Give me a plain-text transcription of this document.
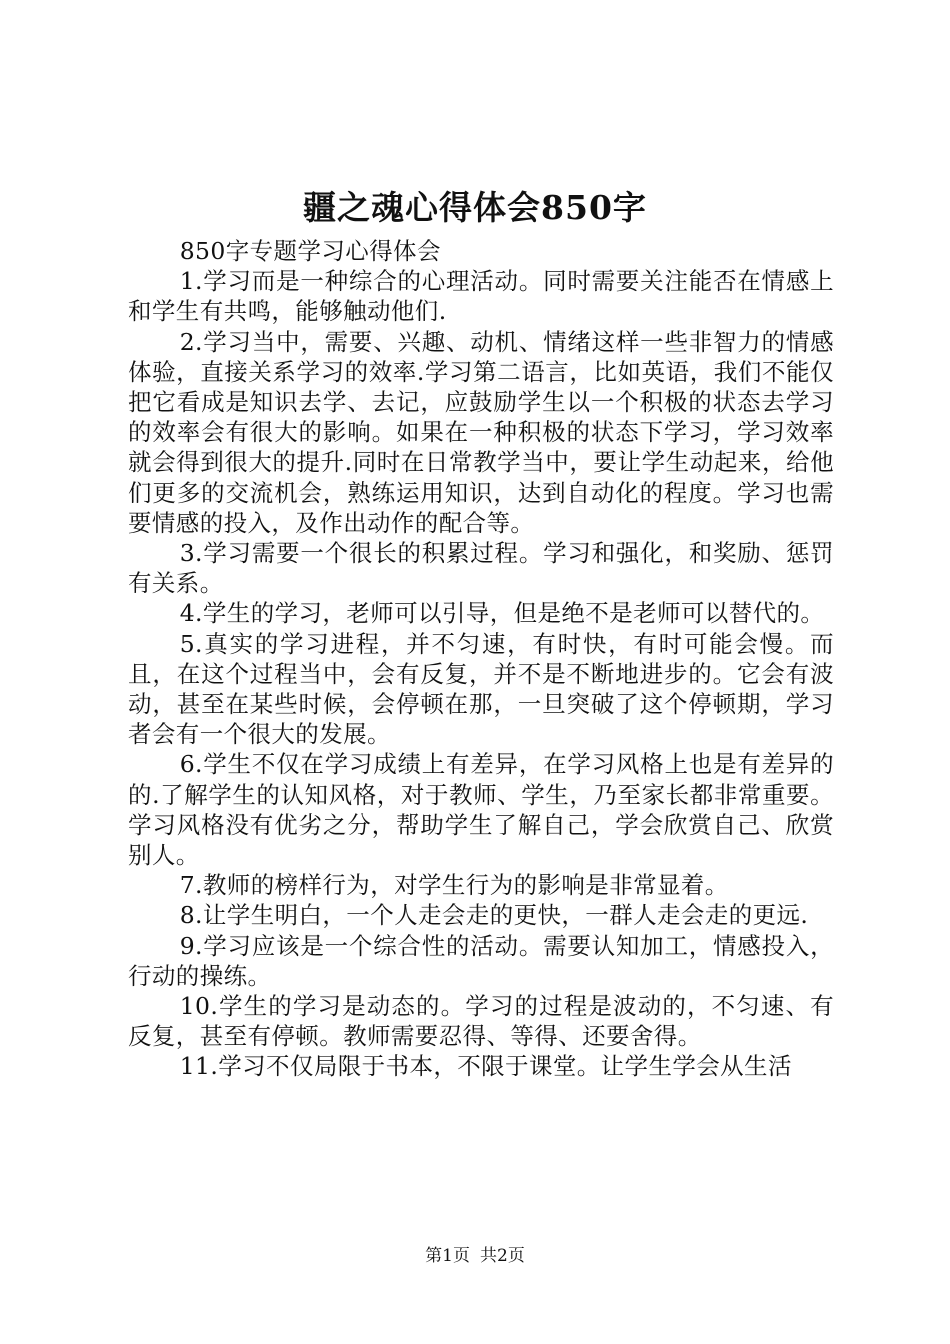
疆之魂心得体会850字

850字专题学习心得体会

1.学习而是一种综合的心理活动。同时需要关注能否在情感上和学生有共鸣，能够触动他们.

2.学习当中，需要、兴趣、动机、情绪这样一些非智力的情感体验，直接关系学习的效率.学习第二语言，比如英语，我们不能仅把它看成是知识去学、去记，应鼓励学生以一个积极的状态去学习的效率会有很大的影响。如果在一种积极的状态下学习，学习效率就会得到很大的提升.同时在日常教学当中，要让学生动起来，给他们更多的交流机会，熟练运用知识，达到自动化的程度。学习也需要情感的投入，及作出动作的配合等。

3.学习需要一个很长的积累过程。学习和强化，和奖励、惩罚有关系。

4.学生的学习，老师可以引导，但是绝不是老师可以替代的。

5.真实的学习进程，并不匀速，有时快，有时可能会慢。而且，在这个过程当中，会有反复，并不是不断地进步的。它会有波动，甚至在某些时候，会停顿在那，一旦突破了这个停顿期，学习者会有一个很大的发展。

6.学生不仅在学习成绩上有差异，在学习风格上也是有差异的的.了解学生的认知风格，对于教师、学生，乃至家长都非常重要。学习风格没有优劣之分，帮助学生了解自己，学会欣赏自己、欣赏别人。

7.教师的榜样行为，对学生行为的影响是非常显着。

8.让学生明白，一个人走会走的更快，一群人走会走的更远.

9.学习应该是一个综合性的活动。需要认知加工，情感投入，行动的操练。

10.学生的学习是动态的。学习的过程是波动的，不匀速、有反复，甚至有停顿。教师需要忍得、等得、还要舍得。

11.学习不仅局限于书本，不限于课堂。让学生学会从生活

第1页 共2页
